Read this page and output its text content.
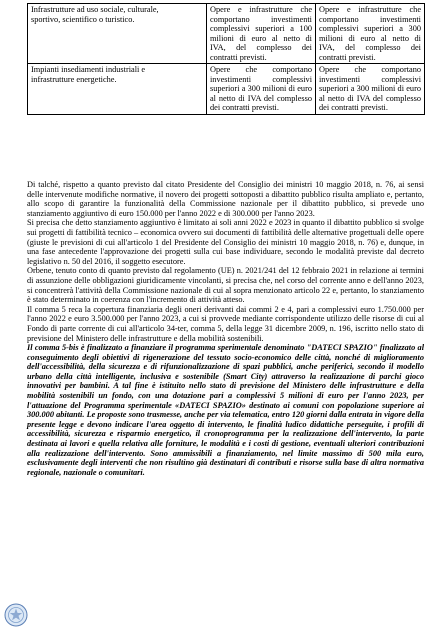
Infrastrutture ad uso sociale, culturale,
sportivo, scientifico o turistico.	Opere e infrastrutture che comportano investimenti complessivi superiori a 100 milioni di euro al netto di IVA, del complesso dei contratti previsti.	Opere e infrastrutture che comportano investimenti complessivi superiori a 300 milioni di euro al netto di IVA, del complesso dei contratti previsti.
Impianti insediamenti industriali e
infrastrutture energetiche.	Opere che comportano investimenti complessivi superiori a 300 milioni di euro al netto di IVA del complesso dei contratti previsti.	Opere che comportano investimenti complessivi superiori a 300 milioni di euro al netto di IVA del complesso dei contratti previsti.

Di talché, rispetto a quanto previsto dal citato Presidente del Consiglio dei ministri 10 maggio 2018, n. 76, ai sensi delle intervenute modifiche normative, il novero dei progetti sottoposti a dibattito pubblico risulta ampliato e, pertanto, allo scopo di garantire la funzionalità della Commissione nazionale per il dibattito pubblico, si prevede uno stanziamento aggiuntivo di euro 150.000 per l'anno 2022 e di 300.000 per l'anno 2023.

Si precisa che detto stanziamento aggiuntivo è limitato ai soli anni 2022 e 2023 in quanto il dibattito pubblico si svolge sui progetti di fattibilità tecnico – economica ovvero sui documenti di fattibilità delle alternative progettuali delle opere (giuste le previsioni di cui all'articolo 1 del Presidente del Consiglio dei ministri 10 maggio 2018, n. 76) e, dunque, in una fase antecedente l'approvazione dei progetti sulla cui base individuare, secondo le modalità previste dal decreto legislativo n. 50 del 2016, il soggetto esecutore.

Orbene, tenuto conto di quanto previsto dal regolamento (UE) n. 2021/241 del 12 febbraio 2021 in relazione ai termini di assunzione delle obbligazioni giuridicamente vincolanti, si precisa che, nel corso del corrente anno e dell'anno 2023, si concentrerà l'attività della Commissione nazionale di cui al sopra menzionato articolo 22 e, pertanto, lo stanziamento è stato determinato in coerenza con l'incremento di attività atteso.

Il comma 5 reca la copertura finanziaria degli oneri derivanti dai commi 2 e 4, pari a complessivi euro 1.750.000 per l'anno 2022 e euro 3.500.000 per l'anno 2023, a cui si provvede mediante corrispondente utilizzo delle risorse di cui al Fondo di parte corrente di cui all'articolo 34-ter, comma 5, della legge 31 dicembre 2009, n. 196, iscritto nello stato di previsione del Ministero delle infrastrutture e della mobilità sostenibili.

Il comma 5-bis è finalizzato a finanziare il programma sperimentale denominato "DATECI SPAZIO" finalizzato al conseguimento degli obiettivi di rigenerazione del tessuto socio-economico delle città, nonché di miglioramento dell'accessibilità, della sicurezza e di rifunzionalizzazione di spazi pubblici, anche periferici, secondo il modello urbano della città intelligente, inclusiva e sostenibile (Smart City) attraverso la realizzazione di parchi gioco innovativi per bambini. A tal fine è istituito nello stato di previsione del Ministero delle infrastrutture e della mobilità sostenibili un fondo, con una dotazione pari a complessivi 5 milioni di euro per l'anno 2023, per l'attuazione del Programma sperimentale «DATECI SPAZIO» destinato ai comuni con popolazione superiore ai 300.000 abitanti. Le proposte sono trasmesse, anche per via telematica, entro 120 giorni dalla entrata in vigore della presente legge e devono indicare l'area oggetto di intervento, le finalità ludico didattiche perseguite, i profili di accessibilità, sicurezza e risparmio energetico, il cronoprogramma per la realizzazione dell'intervento, la parte destinata ai lavori e quella relativa alle forniture, le modalità e i costi di gestione, eventuali ulteriori contribuzioni alla realizzazione dell'intervento. Sono ammissibili a finanziamento, nel limite massimo di 500 mila euro, esclusivamente degli interventi che non risultino già destinatari di contributi e risorse sulla base di altra normativa regionale, nazionale o comunitari.
